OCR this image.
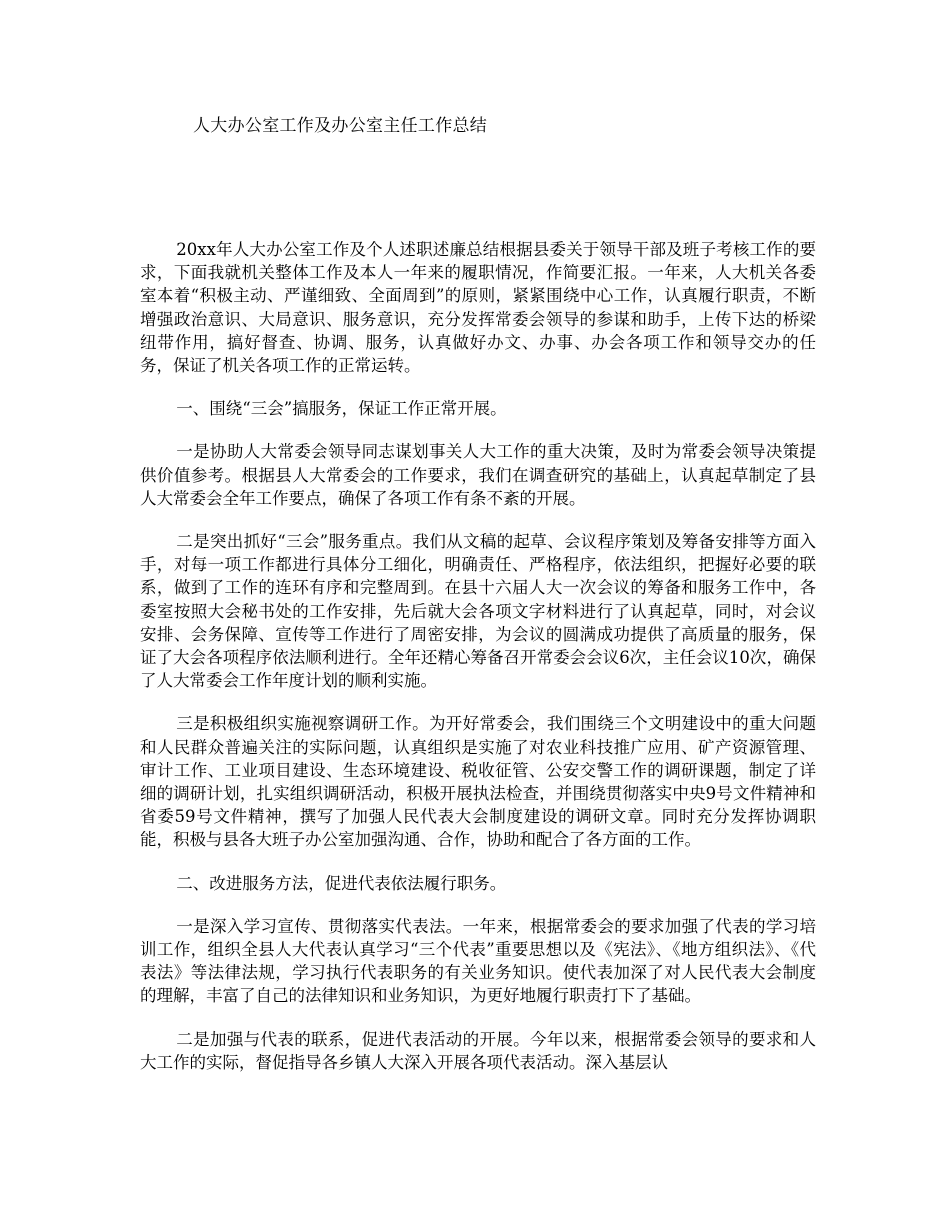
人大办公室工作及办公室主任工作总结

20xx年人大办公室工作及个人述职述廉总结根据县委关于领导干部及班子考核工作的要求，下面我就机关整体工作及本人一年来的履职情况，作简要汇报。一年来，人大机关各委室本着“积极主动、严谨细致、全面周到”的原则，紧紧围绕中心工作，认真履行职责，不断增强政治意识、大局意识、服务意识，充分发挥常委会领导的参谋和助手，上传下达的桥梁纽带作用，搞好督查、协调、服务，认真做好办文、办事、办会各项工作和领导交办的任务，保证了机关各项工作的正常运转。

一、围绕“三会”搞服务，保证工作正常开展。

一是协助人大常委会领导同志谋划事关人大工作的重大决策，及时为常委会领导决策提供价值参考。根据县人大常委会的工作要求，我们在调查研究的基础上，认真起草制定了县人大常委会全年工作要点，确保了各项工作有条不紊的开展。

二是突出抓好“三会”服务重点。我们从文稿的起草、会议程序策划及筹备安排等方面入手，对每一项工作都进行具体分工细化，明确责任、严格程序，依法组织，把握好必要的联系，做到了工作的连环有序和完整周到。在县十六届人大一次会议的筹备和服务工作中，各委室按照大会秘书处的工作安排，先后就大会各项文字材料进行了认真起草，同时，对会议安排、会务保障、宣传等工作进行了周密安排，为会议的圆满成功提供了高质量的服务，保证了大会各项程序依法顺利进行。全年还精心筹备召开常委会会议6次，主任会议10次，确保了人大常委会工作年度计划的顺利实施。

三是积极组织实施视察调研工作。为开好常委会，我们围绕三个文明建设中的重大问题和人民群众普遍关注的实际问题，认真组织是实施了对农业科技推广应用、矿产资源管理、审计工作、工业项目建设、生态环境建设、税收征管、公安交警工作的调研课题，制定了详细的调研计划，扎实组织调研活动，积极开展执法检查，并围绕贯彻落实中央9号文件精神和省委59号文件精神，撰写了加强人民代表大会制度建设的调研文章。同时充分发挥协调职能，积极与县各大班子办公室加强沟通、合作，协助和配合了各方面的工作。

二、改进服务方法，促进代表依法履行职务。

一是深入学习宣传、贯彻落实代表法。一年来，根据常委会的要求加强了代表的学习培训工作，组织全县人大代表认真学习“三个代表”重要思想以及《宪法》、《地方组织法》、《代表法》等法律法规，学习执行代表职务的有关业务知识。使代表加深了对人民代表大会制度的理解，丰富了自己的法律知识和业务知识，为更好地履行职责打下了基础。

二是加强与代表的联系，促进代表活动的开展。今年以来，根据常委会领导的要求和人大工作的实际，督促指导各乡镇人大深入开展各项代表活动。深入基层认
